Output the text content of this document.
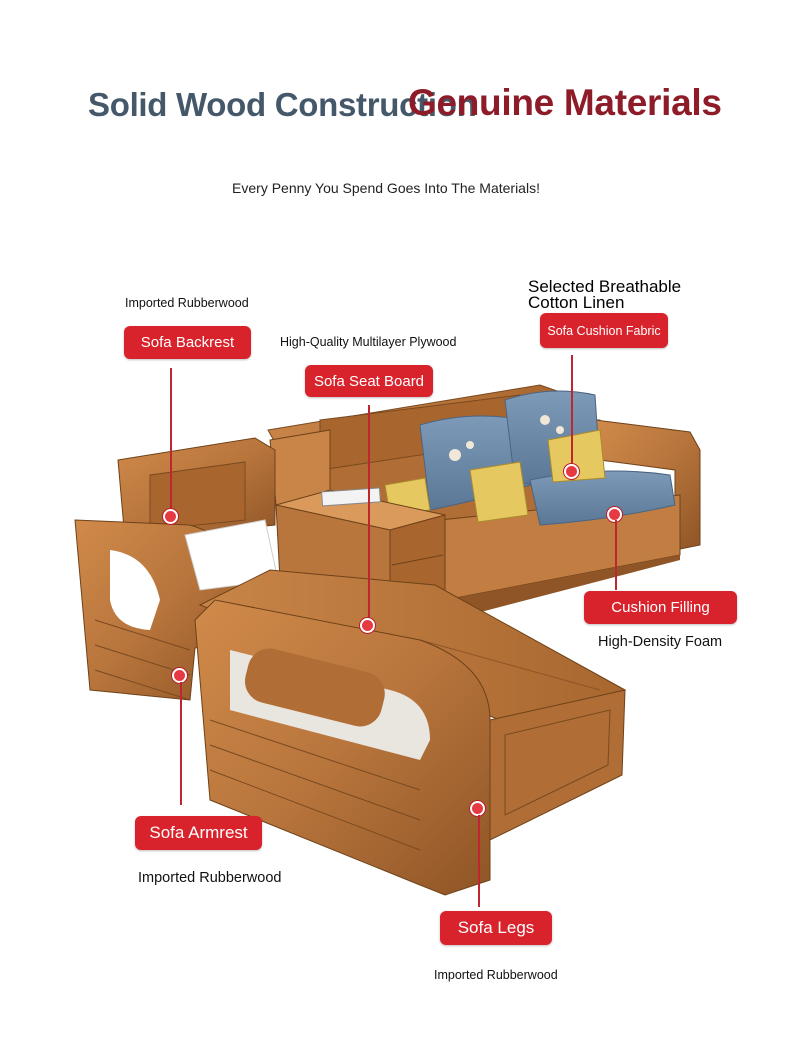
Solid Wood Construction
Genuine Materials
Every Penny You Spend Goes Into The Materials!
Imported Rubberwood
Sofa Backrest	High-Quality Multilayer Plywood
Sofa Seat Board
Selected Breathable
Cotton Linen
Sofa Cushion Fabric
Cushion Filling
High-Density Foam
Sofa Armrest
Imported Rubberwood
Sofa Legs
Imported Rubberwood
